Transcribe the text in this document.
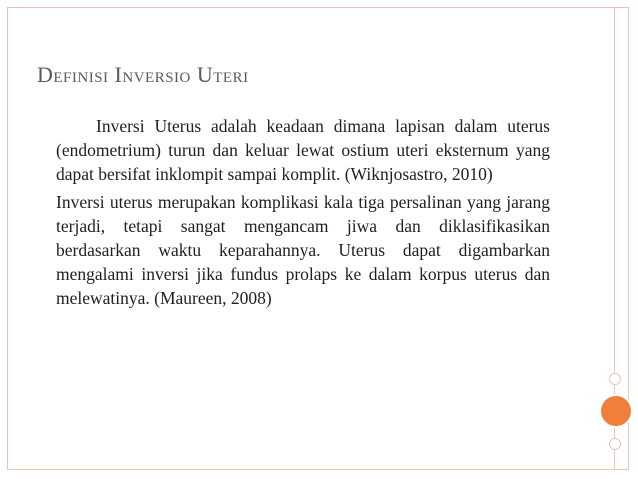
Definisi Inversio Uteri

Inversi Uterus adalah keadaan dimana lapisan dalam uterus (endometrium) turun dan keluar lewat ostium uteri eksternum yang dapat bersifat inklompit sampai komplit. (Wiknjosastro, 2010)

Inversi uterus merupakan komplikasi kala tiga persalinan yang jarang terjadi, tetapi sangat mengancam jiwa dan diklasifikasikan berdasarkan waktu keparahannya. Uterus dapat digambarkan mengalami inversi jika fundus prolaps ke dalam korpus uterus dan melewatinya. (Maureen, 2008)
